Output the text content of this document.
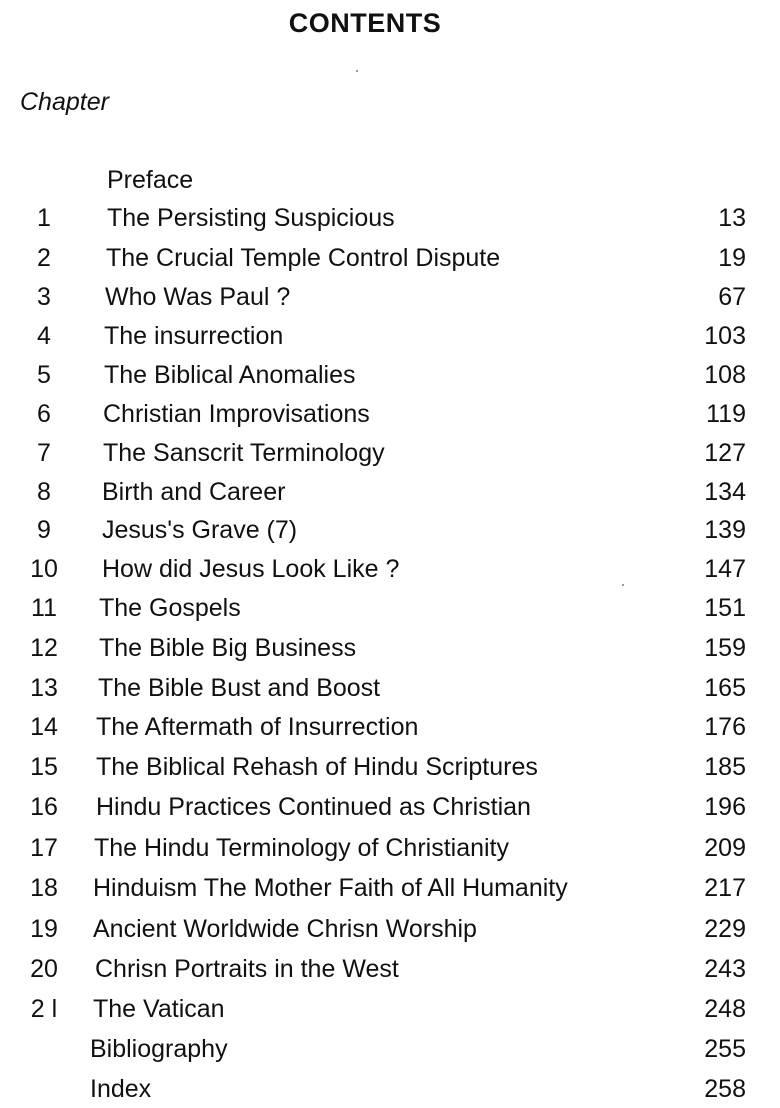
CONTENTS
Chapter
Preface
1	The Persisting Suspicious	13
2	The Crucial Temple Control Dispute	19
3	Who Was Paul ?	67
4	The insurrection	103
5	The Biblical Anomalies	108
6	Christian Improvisations	119
7	The Sanscrit Terminology	127
8	Birth and Career	134
9	Jesus's Grave (7)	139
10 How did Jesus Look Like ?	147
11 The Gospels	151
12 The Bible Big Business	159
13 The Bible Bust and Boost	165
14 The Aftermath of Insurrection	176
15 The Biblical Rehash of Hindu Scriptures	185
16 Hindu Practices Continued as Christian	196
17 The Hindu Terminology of Christianity	209
18 Hinduism The Mother Faith of All Humanity	217
19 Ancient Worldwide Chrisn Worship	229
20 Chrisn Portraits in the West	243
2 l The Vatican	248
Bibliography	255
Index	258
